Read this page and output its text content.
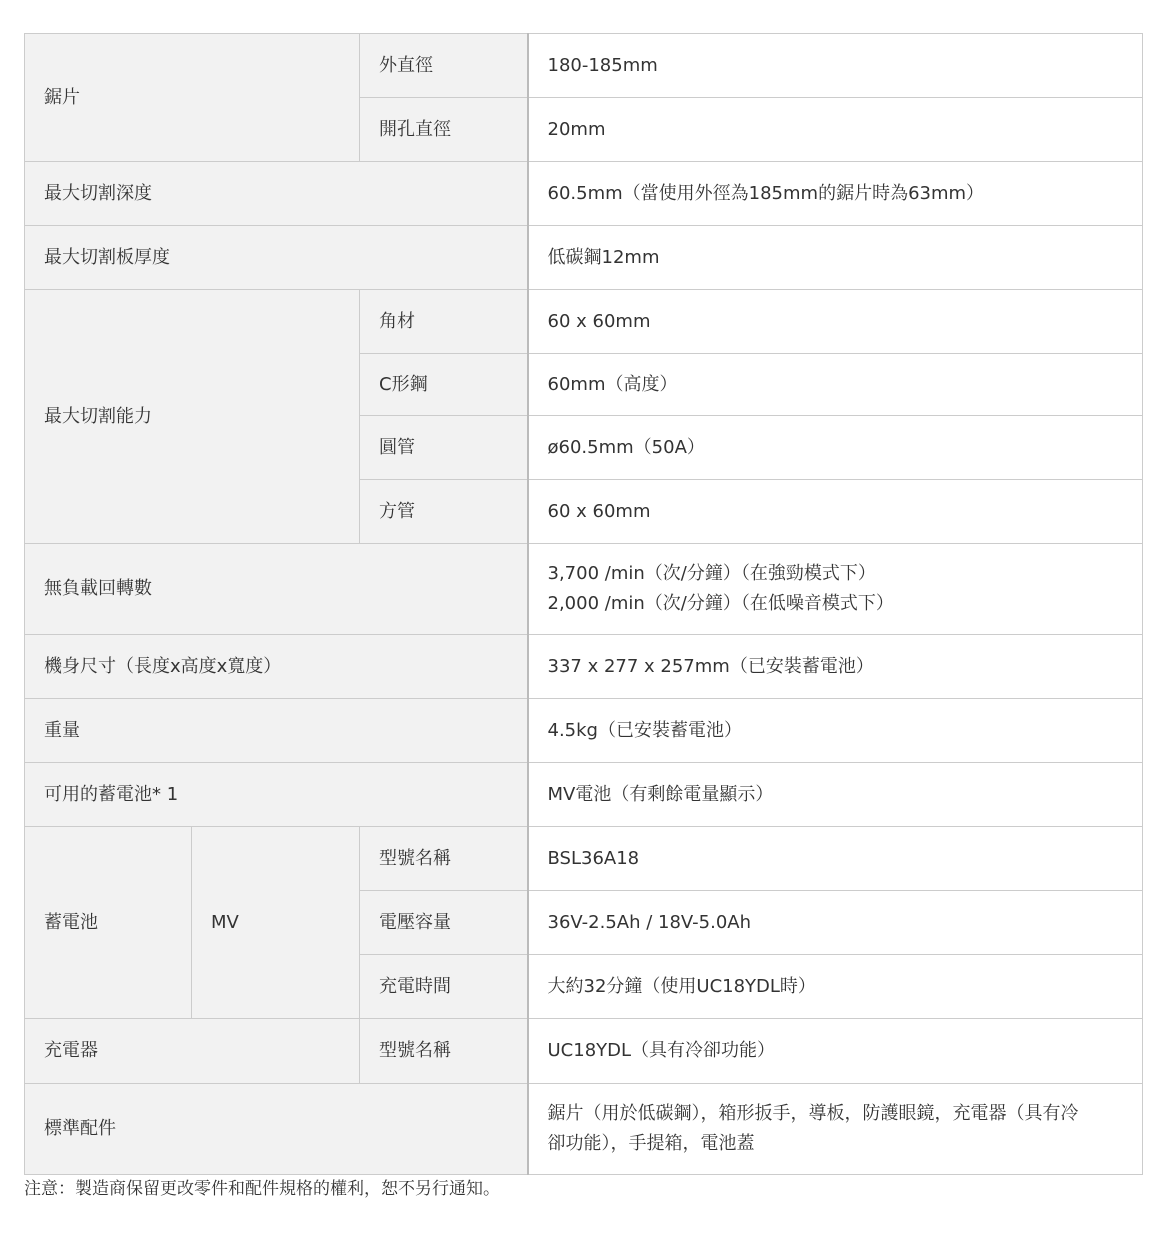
鋸片		外直徑	180-185mm
		開孔直徑	20mm
最大切割深度			60.5mm（當使用外徑為185mm的鋸片時為63mm）
最大切割板厚度			低碳鋼12mm
最大切割能力		角材	60 x 60mm
		C形鋼	60mm（高度）
		圓管	ø60.5mm（50A）
		方管	60 x 60mm
無負載回轉數			3,700 /min（次/分鐘）（在強勁模式下）
2,000 /min（次/分鐘）（在低噪音模式下）

機身尺寸（長度x高度x寬度）			337 x 277 x 257mm（已安裝蓄電池）
重量			4.5kg（已安裝蓄電池）
可用的蓄電池* 1			MV電池（有剩餘電量顯示）
蓄電池	MV	型號名稱	BSL36A18
		電壓容量	36V-2.5Ah / 18V-5.0Ah
		充電時間	大約32分鐘（使用UC18YDL時）
充電器		型號名稱	UC18YDL（具有冷卻功能）
標準配件			鋸片（用於低碳鋼），箱形扳手，導板，防護眼鏡，充電器（具有冷
卻功能），手提箱，電池蓋
注意：製造商保留更改零件和配件規格的權利，恕不另行通知。
